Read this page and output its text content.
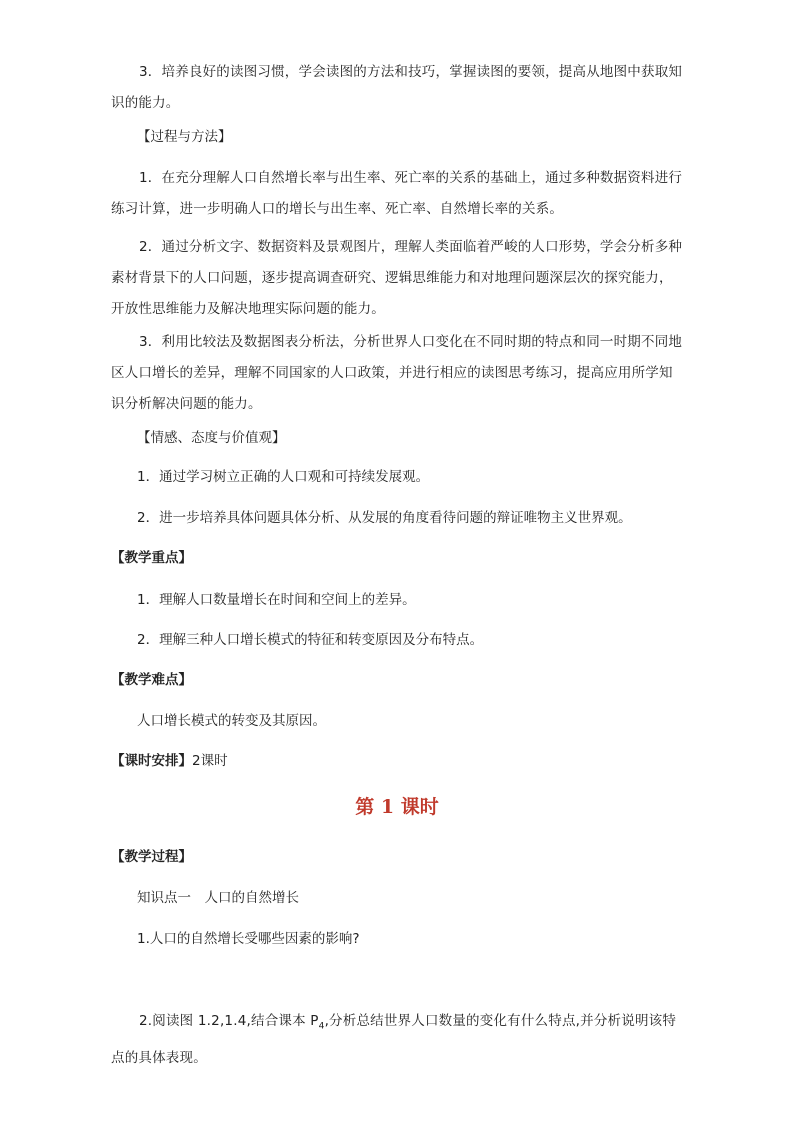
3．培养良好的读图习惯，学会读图的方法和技巧，掌握读图的要领，提高从地图中获取知识的能力。
【过程与方法】
1．在充分理解人口自然增长率与出生率、死亡率的关系的基础上，通过多种数据资料进行练习计算，进一步明确人口的增长与出生率、死亡率、自然增长率的关系。
2．通过分析文字、数据资料及景观图片，理解人类面临着严峻的人口形势，学会分析多种素材背景下的人口问题，逐步提高调查研究、逻辑思维能力和对地理问题深层次的探究能力，开放性思维能力及解决地理实际问题的能力。
3．利用比较法及数据图表分析法，分析世界人口变化在不同时期的特点和同一时期不同地区人口增长的差异，理解不同国家的人口政策，并进行相应的读图思考练习，提高应用所学知识分析解决问题的能力。
【情感、态度与价值观】
1．通过学习树立正确的人口观和可持续发展观。
2．进一步培养具体问题具体分析、从发展的角度看待问题的辩证唯物主义世界观。
【教学重点】
1．理解人口数量增长在时间和空间上的差异。
2．理解三种人口增长模式的特征和转变原因及分布特点。
【教学难点】
人口增长模式的转变及其原因。
【课时安排】2课时
第 1 课时
【教学过程】
知识点一　人口的自然增长
1.人口的自然增长受哪些因素的影响?
2.阅读图 1.2,1.4,结合课本 $P_4$,分析总结世界人口数量的变化有什么特点,并分析说明该特点的具体表现。
